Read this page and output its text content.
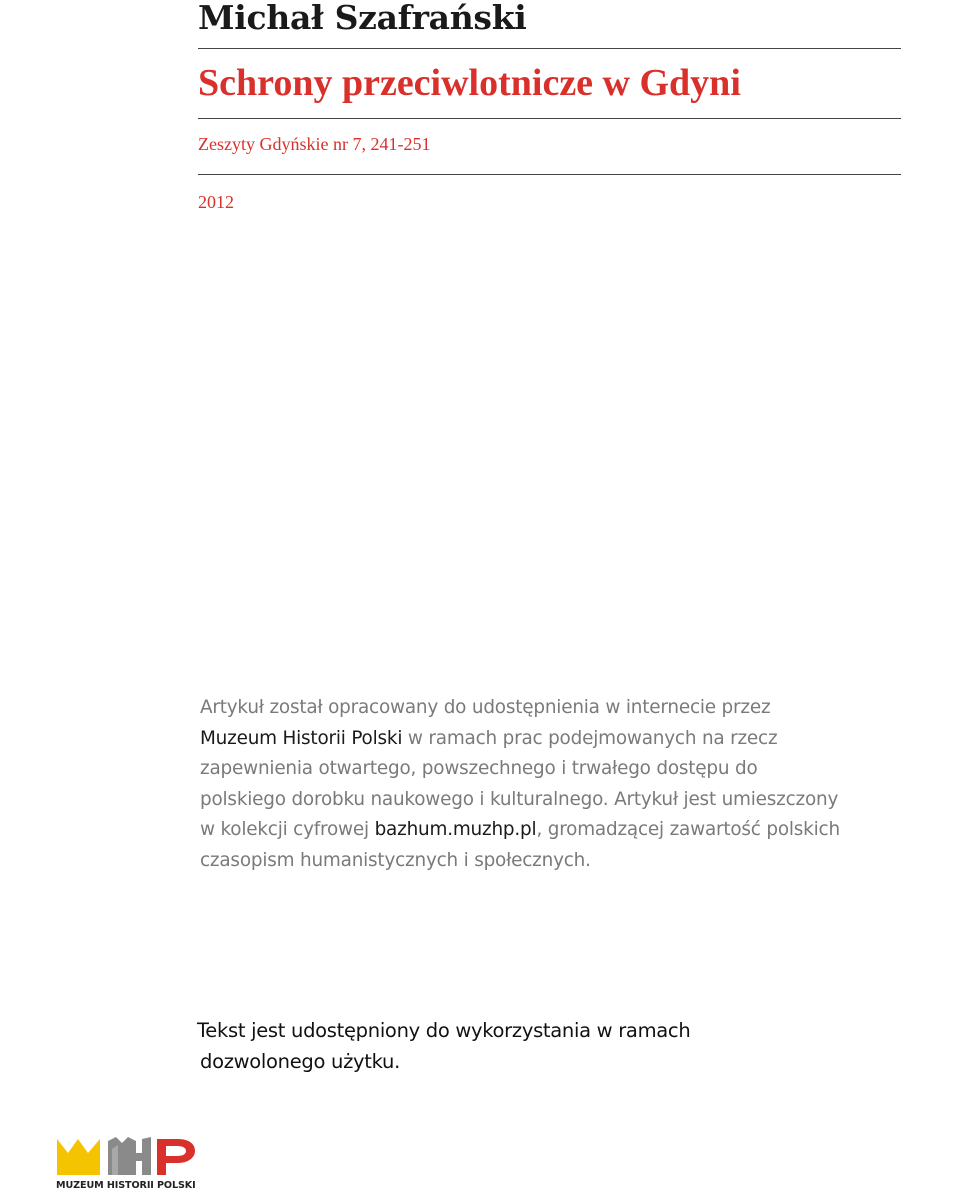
Michał Szafrański
Schrony przeciwlotnicze w Gdyni

Zeszyty Gdyńskie nr 7, 241-251

2012

Artykuł został opracowany do udostępnienia w internecie przez
Muzeum Historii Polski w ramach prac podejmowanych na rzecz
zapewnienia otwartego, powszechnego i trwałego dostępu do
polskiego dorobku naukowego i kulturalnego. Artykuł jest umieszczony
w kolekcji cyfrowej bazhum.muzhp.pl, gromadzącej zawartość polskich
czasopism humanistycznych i społecznych.
Tekst jest udostępniony do wykorzystania w ramach
dozwolonego użytku.
MUZEUM HISTORII POLSKI
